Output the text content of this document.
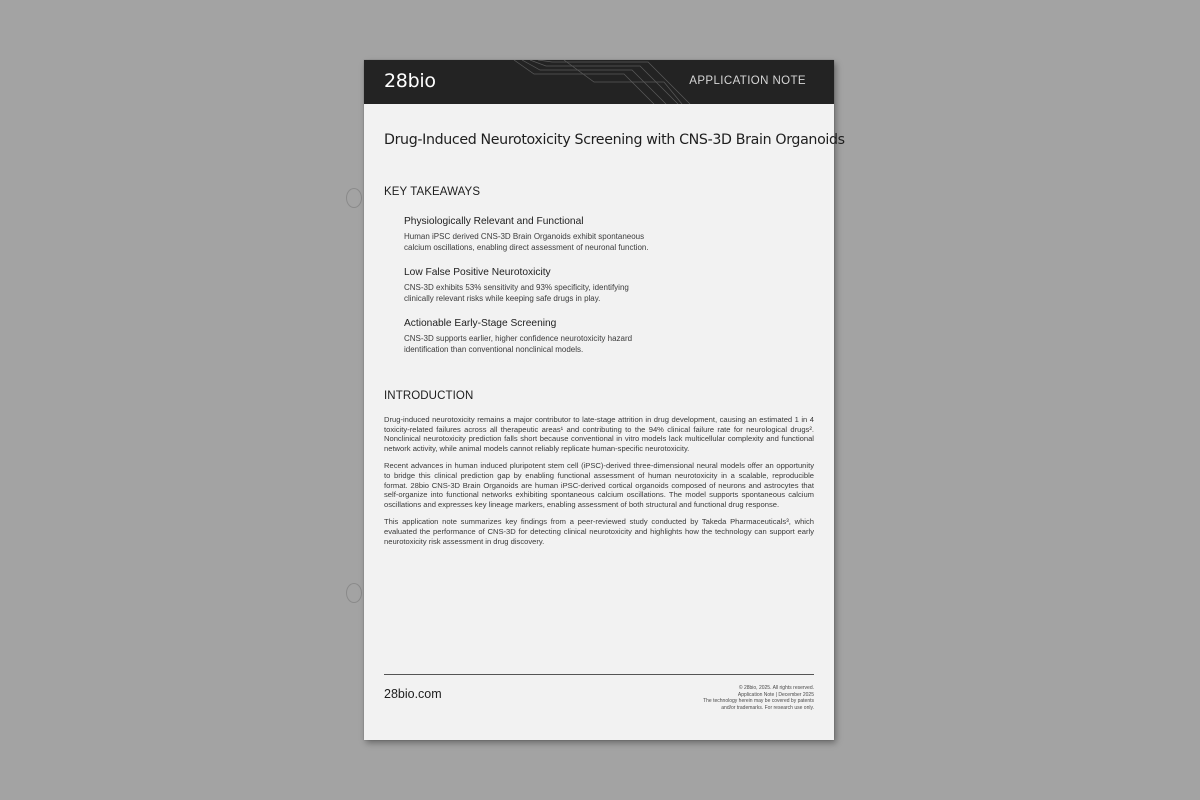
28bio	APPLICATION NOTE
Drug-Induced Neurotoxicity Screening with CNS-3D Brain Organoids
KEY TAKEAWAYS

Physiologically Relevant and Functional

Human iPSC derived CNS-3D Brain Organoids exhibit spontaneous calcium oscillations, enabling direct assessment of neuronal function.

Low False Positive Neurotoxicity

CNS-3D exhibits 53% sensitivity and 93% specificity, identifying clinically relevant risks while keeping safe drugs in play.

Actionable Early-Stage Screening

CNS-3D supports earlier, higher confidence neurotoxicity hazard identification than conventional nonclinical models.

INTRODUCTION

Drug-induced neurotoxicity remains a major contributor to late-stage attrition in drug development, causing an estimated 1 in 4 toxicity-related failures across all therapeutic areas¹ and contributing to the 94% clinical failure rate for neurological drugs². Nonclinical neurotoxicity prediction falls short because conventional in vitro models lack multicellular complexity and functional network activity, while animal models cannot reliably replicate human-specific neurotoxicity.

Recent advances in human induced pluripotent stem cell (iPSC)-derived three-dimensional neural models offer an opportunity to bridge this clinical prediction gap by enabling functional assessment of human neurotoxicity in a scalable, reproducible format. 28bio CNS-3D Brain Organoids are human iPSC-derived cortical organoids composed of neurons and astrocytes that self-organize into functional networks exhibiting spontaneous calcium oscillations. The model supports spontaneous calcium oscillations and expresses key lineage markers, enabling assessment of both structural and functional drug response.

This application note summarizes key findings from a peer-reviewed study conducted by Takeda Pharmaceuticals³, which evaluated the performance of CNS-3D for detecting clinical neurotoxicity and highlights how the technology can support early neurotoxicity risk assessment in drug discovery.

28bio.com	© 28bio, 2025. All rights reserved.
Application Note | December 2025
The technology herein may be covered by patents
and/or trademarks. For research use only.
